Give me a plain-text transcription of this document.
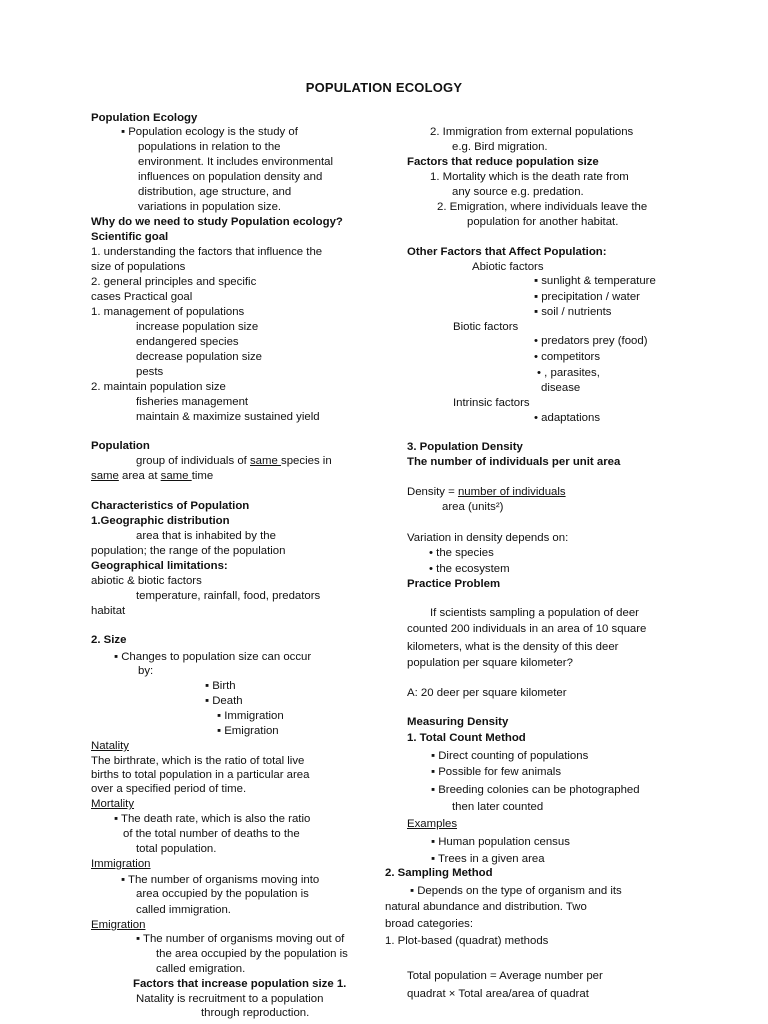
POPULATION ECOLOGY
Population Ecology
▪ Population ecology is the study of
populations in relation to the
environment. It includes environmental
influences on population density and
distribution, age structure, and
variations in population size.
Why do we need to study Population ecology?
Scientific goal
1. understanding the factors that influence the
size of populations
2. general principles and specific
cases Practical goal
1. management of populations
increase population size
endangered species
decrease population size
pests
2. maintain population size
fisheries management
maintain & maximize sustained yield
Population
group of individuals of same species in
same area at same time
Characteristics of Population
1.Geographic distribution
area that is inhabited by the
population; the range of the population
Geographical limitations:
abiotic & biotic factors
temperature, rainfall, food, predators
habitat
2. Size
▪ Changes to population size can occur
by:
▪ Birth
▪ Death
▪ Immigration
▪ Emigration
Natality
The birthrate, which is the ratio of total live
births to total population in a particular area
over a specified period of time.
Mortality
▪ The death rate, which is also the ratio
of the total number of deaths to the
total population.
Immigration
▪ The number of organisms moving into
area occupied by the population is
called immigration.
Emigration
▪ The number of organisms moving out of
the area occupied by the population is
called emigration.
Factors that increase population size 1.
Natality is recruitment to a population
through reproduction.
2. Immigration from external populations
e.g. Bird migration.
Factors that reduce population size
1. Mortality which is the death rate from
any source e.g. predation.
2. Emigration, where individuals leave the
population for another habitat.
Other Factors that Affect Population:
Abiotic factors
▪ sunlight & temperature
▪ precipitation / water
▪ soil / nutrients
Biotic factors
• predators prey (food)
• competitors
• , parasites,
disease
Intrinsic factors
• adaptations
3. Population Density
The number of individuals per unit area
Density = number of individuals
area (units²)
Variation in density depends on:
• the species
• the ecosystem
Practice Problem
If scientists sampling a population of deer
counted 200 individuals in an area of 10 square
kilometers, what is the density of this deer
population per square kilometer?
A: 20 deer per square kilometer
Measuring Density
1. Total Count Method
▪ Direct counting of populations
▪ Possible for few animals
▪ Breeding colonies can be photographed
then later counted
Examples
▪ Human population census
▪ Trees in a given area
2. Sampling Method
▪ Depends on the type of organism and its
natural abundance and distribution. Two
broad categories:
1. Plot-based (quadrat) methods
Total population = Average number per
quadrat × Total area/area of quadrat
